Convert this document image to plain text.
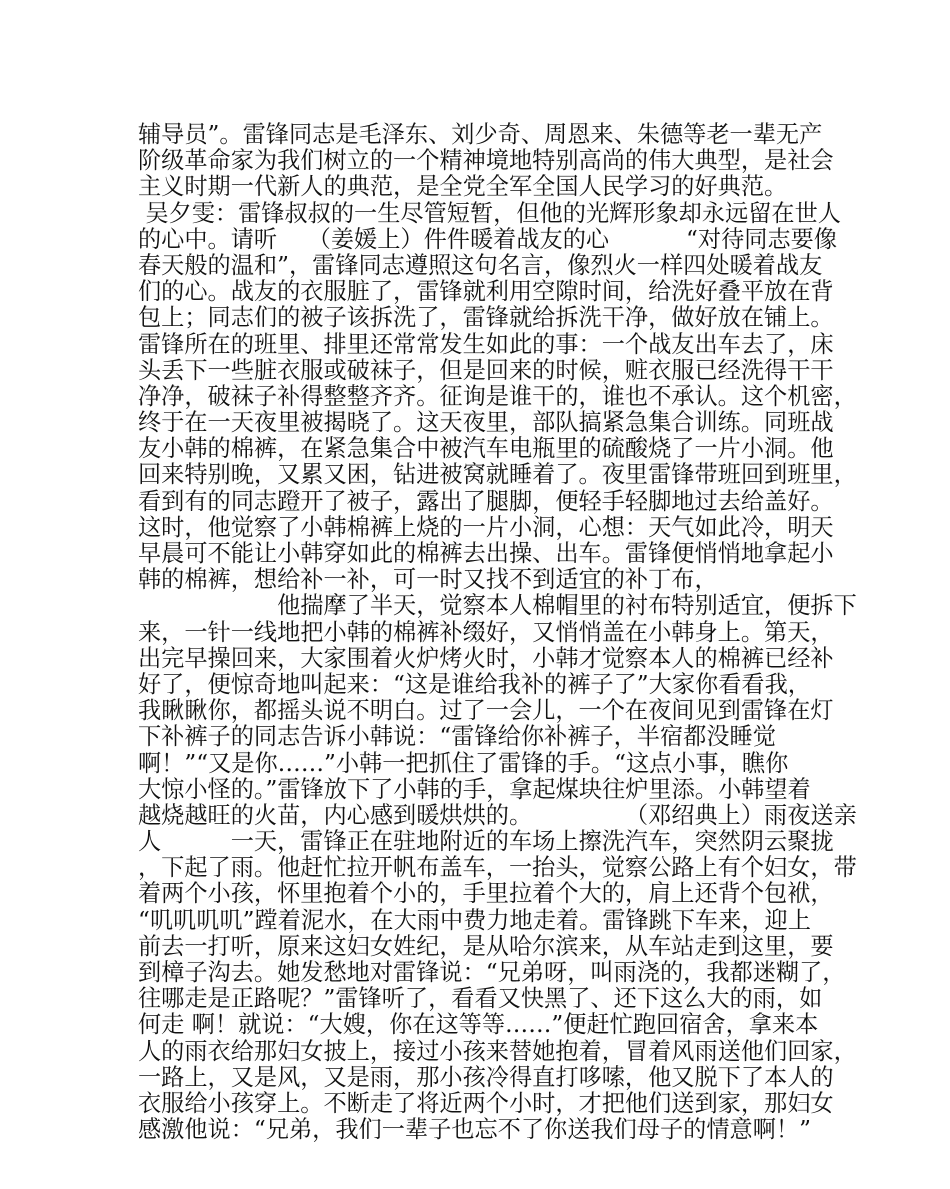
辅导员”。雷锋同志是毛泽东、刘少奇、周恩来、朱德等老一辈无产
阶级革命家为我们树立的一个精神境地特别高尚的伟大典型，是社会
主义时期一代新人的典范，是全党全军全国人民学习的好典范。
吴夕雯：雷锋叔叔的一生尽管短暂，但他的光辉形象却永远留在世人
的心中。请听　 （姜媛上）件件暖着战友的心　　　 “对待同志要像
春天般的温和”，雷锋同志遵照这句名言，像烈火一样四处暖着战友
们的心。战友的衣服脏了，雷锋就利用空隙时间，给洗好叠平放在背
包上；同志们的被子该拆洗了，雷锋就给拆洗干净，做好放在铺上。
雷锋所在的班里、排里还常常发生如此的事：一个战友出车去了，床
头丢下一些脏衣服或破袜子，但是回来的时候，赃衣服已经洗得干干
净净，破袜子补得整整齐齐。征询是谁干的，谁也不承认。这个机密，
终于在一天夜里被揭晓了。这天夜里，部队搞紧急集合训练。同班战
友小韩的棉裤，在紧急集合中被汽车电瓶里的硫酸烧了一片小洞。他
回来特别晚，又累又困，钻进被窝就睡着了。夜里雷锋带班回到班里，
看到有的同志蹬开了被子，露出了腿脚，便轻手轻脚地过去给盖好。
这时，他觉察了小韩棉裤上烧的一片小洞，心想：天气如此冷，明天
早晨可不能让小韩穿如此的棉裤去出操、出车。雷锋便悄悄地拿起小
韩的棉裤，想给补一补，可一时又找不到适宜的补丁布，
　　　　　　他揣摩了半天，觉察本人棉帽里的衬布特别适宜，便拆下
来，一针一线地把小韩的棉裤补缀好，又悄悄盖在小韩身上。第天，
出完早操回来，大家围着火炉烤火时，小韩才觉察本人的棉裤已经补
好了，便惊奇地叫起来：“这是谁给我补的裤子了”大家你看看我，
我瞅瞅你，都摇头说不明白。过了一会儿，一个在夜间见到雷锋在灯
下补裤子的同志告诉小韩说：“雷锋给你补裤子，半宿都没睡觉
啊！”“又是你……”小韩一把抓住了雷锋的手。“这点小事，瞧你
大惊小怪的。”雷锋放下了小韩的手，拿起煤块往炉里添。小韩望着
越烧越旺的火苗，内心感到暖烘烘的。　　　　　（邓绍典上）雨夜送亲
人　　　一天，雷锋正在驻地附近的车场上擦洗汽车，突然阴云聚拢
，下起了雨。他赶忙拉开帆布盖车，一抬头，觉察公路上有个妇女，带
着两个小孩，怀里抱着个小的，手里拉着个大的，肩上还背个包袱，
“叽叽叽叽”蹚着泥水，在大雨中费力地走着。雷锋跳下车来，迎上
前去一打听，原来这妇女姓纪，是从哈尔滨来，从车站走到这里，要
到樟子沟去。她发愁地对雷锋说：“兄弟呀，叫雨浇的，我都迷糊了，
往哪走是正路呢？”雷锋听了，看看又快黑了、还下这么大的雨，如
何走 啊！就说：“大嫂，你在这等等……”便赶忙跑回宿舍，拿来本
人的雨衣给那妇女披上，接过小孩来替她抱着，冒着风雨送他们回家，
一路上，又是风，又是雨，那小孩冷得直打哆嗦，他又脱下了本人的
衣服给小孩穿上。不断走了将近两个小时，才把他们送到家，那妇女
感激他说：“兄弟，我们一辈子也忘不了你送我们母子的情意啊！”
